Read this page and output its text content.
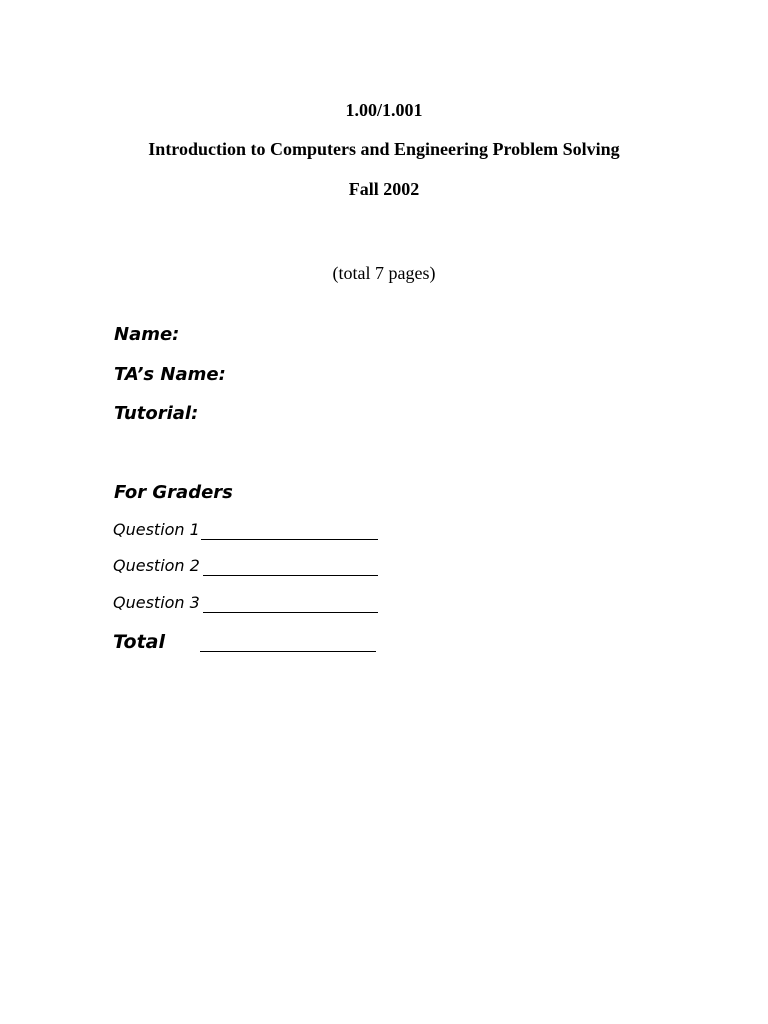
1.00/1.001
Introduction to Computers and Engineering Problem Solving
Fall 2002
(total 7 pages)
Name:
TA’s Name:
Tutorial:
For Graders
Question 1
Question 2
Question 3
Total
